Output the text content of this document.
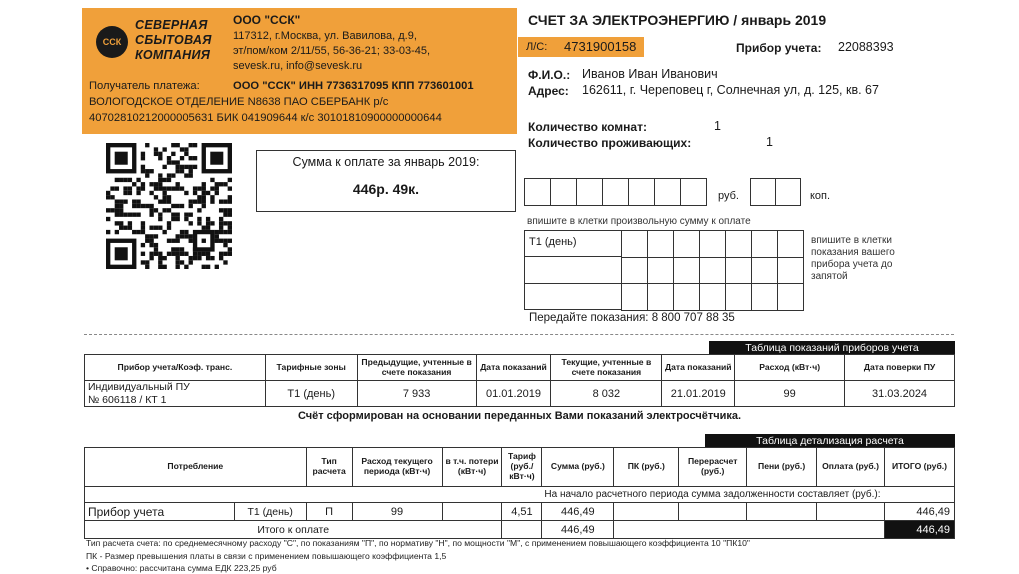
ССК
СЕВЕРНАЯ
СБЫТОВАЯ
КОМПАНИЯ
ООО "ССК"
117312, г.Москва, ул. Вавилова, д.9,
эт/пом/ком 2/11/55, 56-36-21; 33-03-45,
sevesk.ru, info@sevesk.ru
Получатель платежа:	ООО "ССК" ИНН 7736317095 КПП 773601001
ВОЛОГОДСКОЕ ОТДЕЛЕНИЕ N8638 ПАО СБЕРБАНК р/с
40702810212000005631 БИК 041909644 к/с 30101810900000000644
СЧЕТ ЗА ЭЛЕКТРОЭНЕРГИЮ / январь 2019
Л/С: 4731900158	Прибор учета: 22088393
Ф.И.О.: Иванов Иван Иванович
Адрес: 162611, г. Череповец г, Солнечная ул, д. 125, кв. 67
Количество комнат:	1
Количество проживающих:	1
Сумма к оплате за январь 2019:
446р. 49к.	руб.	коп.
впишите в клетки произвольную сумму к оплате
Т1 (день)	впишите в клетки показания вашего прибора учета до запятой
Передайте показания: 8 800 707 88 35
Таблица показаний приборов учета
Прибор учета/Коэф. транс.	Тарифные зоны	Предыдущие, учтенные в счете показания	Дата показаний	Текущие, учтенные в счете показания	Дата показаний	Расход (кВт·ч)	Дата поверки ПУ

Индивидуальный ПУ
№ 606118 / КТ 1	Т1 (день)	7 933	01.01.2019	8 032	21.01.2019	99	31.03.2024
Счёт сформирован на основании переданных Вами показаний электросчётчика.
Таблица детализация расчета
Потребление		Тип расчета	Расход текущего периода (кВт·ч)	в т.ч. потери (кВт·ч)	Тариф (руб./ кВт·ч)	Сумма (руб.)	ПК (руб.)	Перерасчет (руб.)	Пени (руб.)	Оплата (руб.)	ИТОГО (руб.)
На начало расчетного периода сумма задолженности составляет (руб.):											
Прибор учета	Т1 (день)	П	99		4,51	446,49					446,49
Итого к оплате						446,49					446,49
Тип расчета счета: по среднемесячному расходу "С", по показаниям "П", по нормативу "Н", по мощности "М", с применением повышающего коэффициента 10 "ПК10"
ПК - Размер превышения платы в связи с применением повышающего коэффициента 1,5
• Справочно: рассчитана сумма ЕДК 223,25 руб
